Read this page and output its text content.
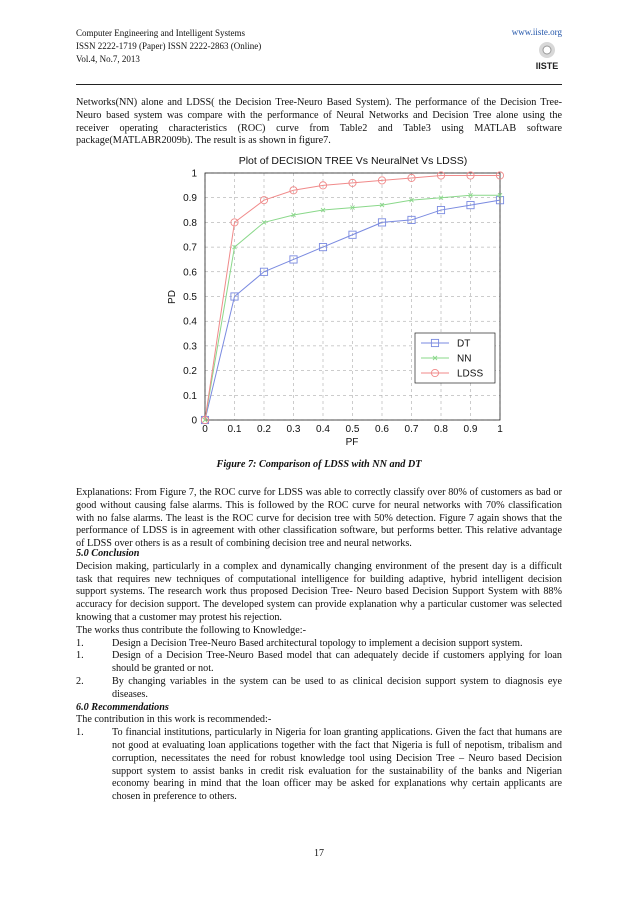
Computer Engineering and Intelligent Systems
ISSN 2222-1719 (Paper) ISSN 2222-2863 (Online)
Vol.4, No.7, 2013
www.iiste.org
IISTE

Networks(NN) alone and LDSS( the Decision Tree-Neuro Based System). The performance of the Decision Tree-Neuro based system was compare with the performance of Neural Networks and Decision Tree alone using the receiver operating characteristics (ROC) curve from Table2 and Table3 using MATLAB software package(MATLABR2009b). The result is as shown in figure7.

Plot of DECISION TREE Vs NeuralNet Vs LDSS)
0 0.1 0.2 0.3 0.4 0.5 0.6 0.7 0.8 0.9 1
0
0.1
0.2
0.3
0.4
0.5
0.6
0.7
0.8
0.9
1
PF
PD
DT
NN
LDSS
Figure 7: Comparison of LDSS with NN and DT

Explanations: From Figure 7, the ROC curve for LDSS was able to correctly classify over 80% of customers as bad or good without causing false alarms. This is followed by the ROC curve for neural networks with 70% classification with no false alarms. The least is the ROC curve for decision tree with 50% detection. Figure 7 again shows that the performance of LDSS is in agreement with other classification software, but performs better. This relative advantage of LDSS over others is as a result of combining decision tree and neural networks.

5.0 Conclusion

Decision making, particularly in a complex and dynamically changing environment of the present day is a difficult task that requires new techniques of computational intelligence for building adaptive, hybrid intelligent decision support systems. The research work thus proposed Decision Tree- Neuro based Decision Support System with 88% accuracy for decision support. The developed system can provide explanation why a particular customer was selected knowing that a customer may protest his rejection.

The works thus contribute the following to Knowledge:-

1.	Design a Decision Tree-Neuro Based architectural topology to implement a decision support system.
1.	Design of a Decision Tree-Neuro Based model that can adequately decide if customers applying for loan should be granted or not.
2.	By changing variables in the system can be used to as clinical decision support system to diagnosis eye diseases.

6.0 Recommendations

The contribution in this work is recommended:-

1.	To financial institutions, particularly in Nigeria for loan granting applications. Given the fact that humans are not good at evaluating loan applications together with the fact that Nigeria is full of nepotism, tribalism and corruption, necessitates the need for robust knowledge tool using Decision Tree – Neuro based Decision support system to assist banks in credit risk evaluation for the sustainability of the banks and Nigerian economy bearing in mind that the loan officer may be asked for explanations why certain applicants are chosen in preference to others.
17
